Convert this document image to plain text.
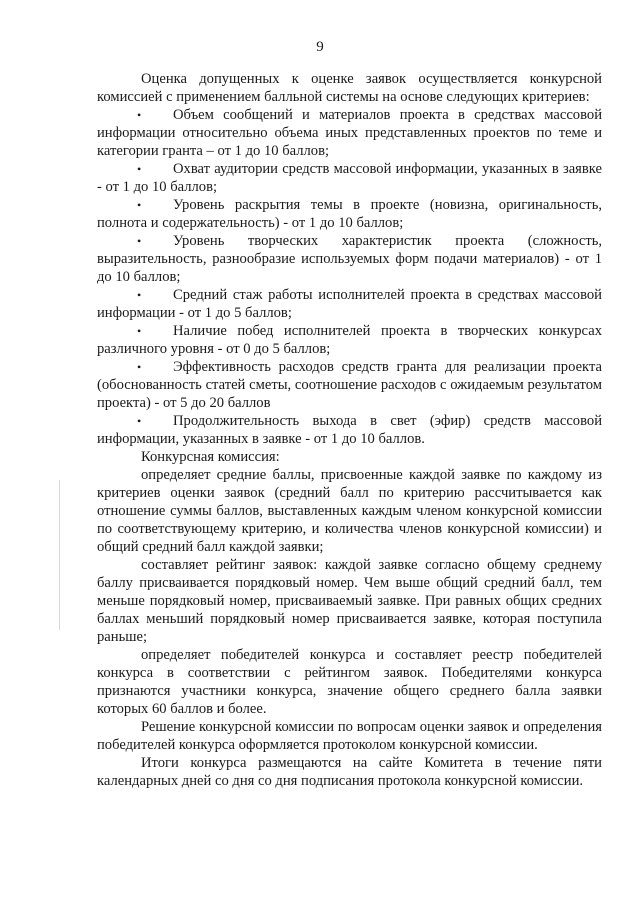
9

Оценка допущенных к оценке заявок осуществляется конкурсной комиссией с применением балльной системы на основе следующих критериев:

• Объем сообщений и материалов проекта в средствах массовой информации относительно объема иных представленных проектов по теме и категории гранта – от 1 до 10 баллов;

• Охват аудитории средств массовой информации, указанных в заявке - от 1 до 10 баллов;

• Уровень раскрытия темы в проекте (новизна, оригинальность, полнота и содержательность) - от 1 до 10 баллов;

• Уровень творческих характеристик проекта (сложность, выразительность, разнообразие используемых форм подачи материалов) - от 1 до 10 баллов;

• Средний стаж работы исполнителей проекта в средствах массовой информации - от 1 до 5 баллов;

• Наличие побед исполнителей проекта в творческих конкурсах различного уровня - от 0 до 5 баллов;

• Эффективность расходов средств гранта для реализации проекта (обоснованность статей сметы, соотношение расходов с ожидаемым результатом проекта) - от 5 до 20 баллов

• Продолжительность выхода в свет (эфир) средств массовой информации, указанных в заявке - от 1 до 10 баллов.

Конкурсная комиссия:

определяет средние баллы, присвоенные каждой заявке по каждому из критериев оценки заявок (средний балл по критерию рассчитывается как отношение суммы баллов, выставленных каждым членом конкурсной комиссии по соответствующему критерию, и количества членов конкурсной комиссии) и общий средний балл каждой заявки;

составляет рейтинг заявок: каждой заявке согласно общему среднему баллу присваивается порядковый номер. Чем выше общий средний балл, тем меньше порядковый номер, присваиваемый заявке. При равных общих средних баллах меньший порядковый номер присваивается заявке, которая поступила раньше;

определяет победителей конкурса и составляет реестр победителей конкурса в соответствии с рейтингом заявок. Победителями конкурса признаются участники конкурса, значение общего среднего балла заявки которых 60 баллов и более.

Решение конкурсной комиссии по вопросам оценки заявок и определения победителей конкурса оформляется протоколом конкурсной комиссии.

Итоги конкурса размещаются на сайте Комитета в течение пяти календарных дней со дня со дня подписания протокола конкурсной комиссии.
